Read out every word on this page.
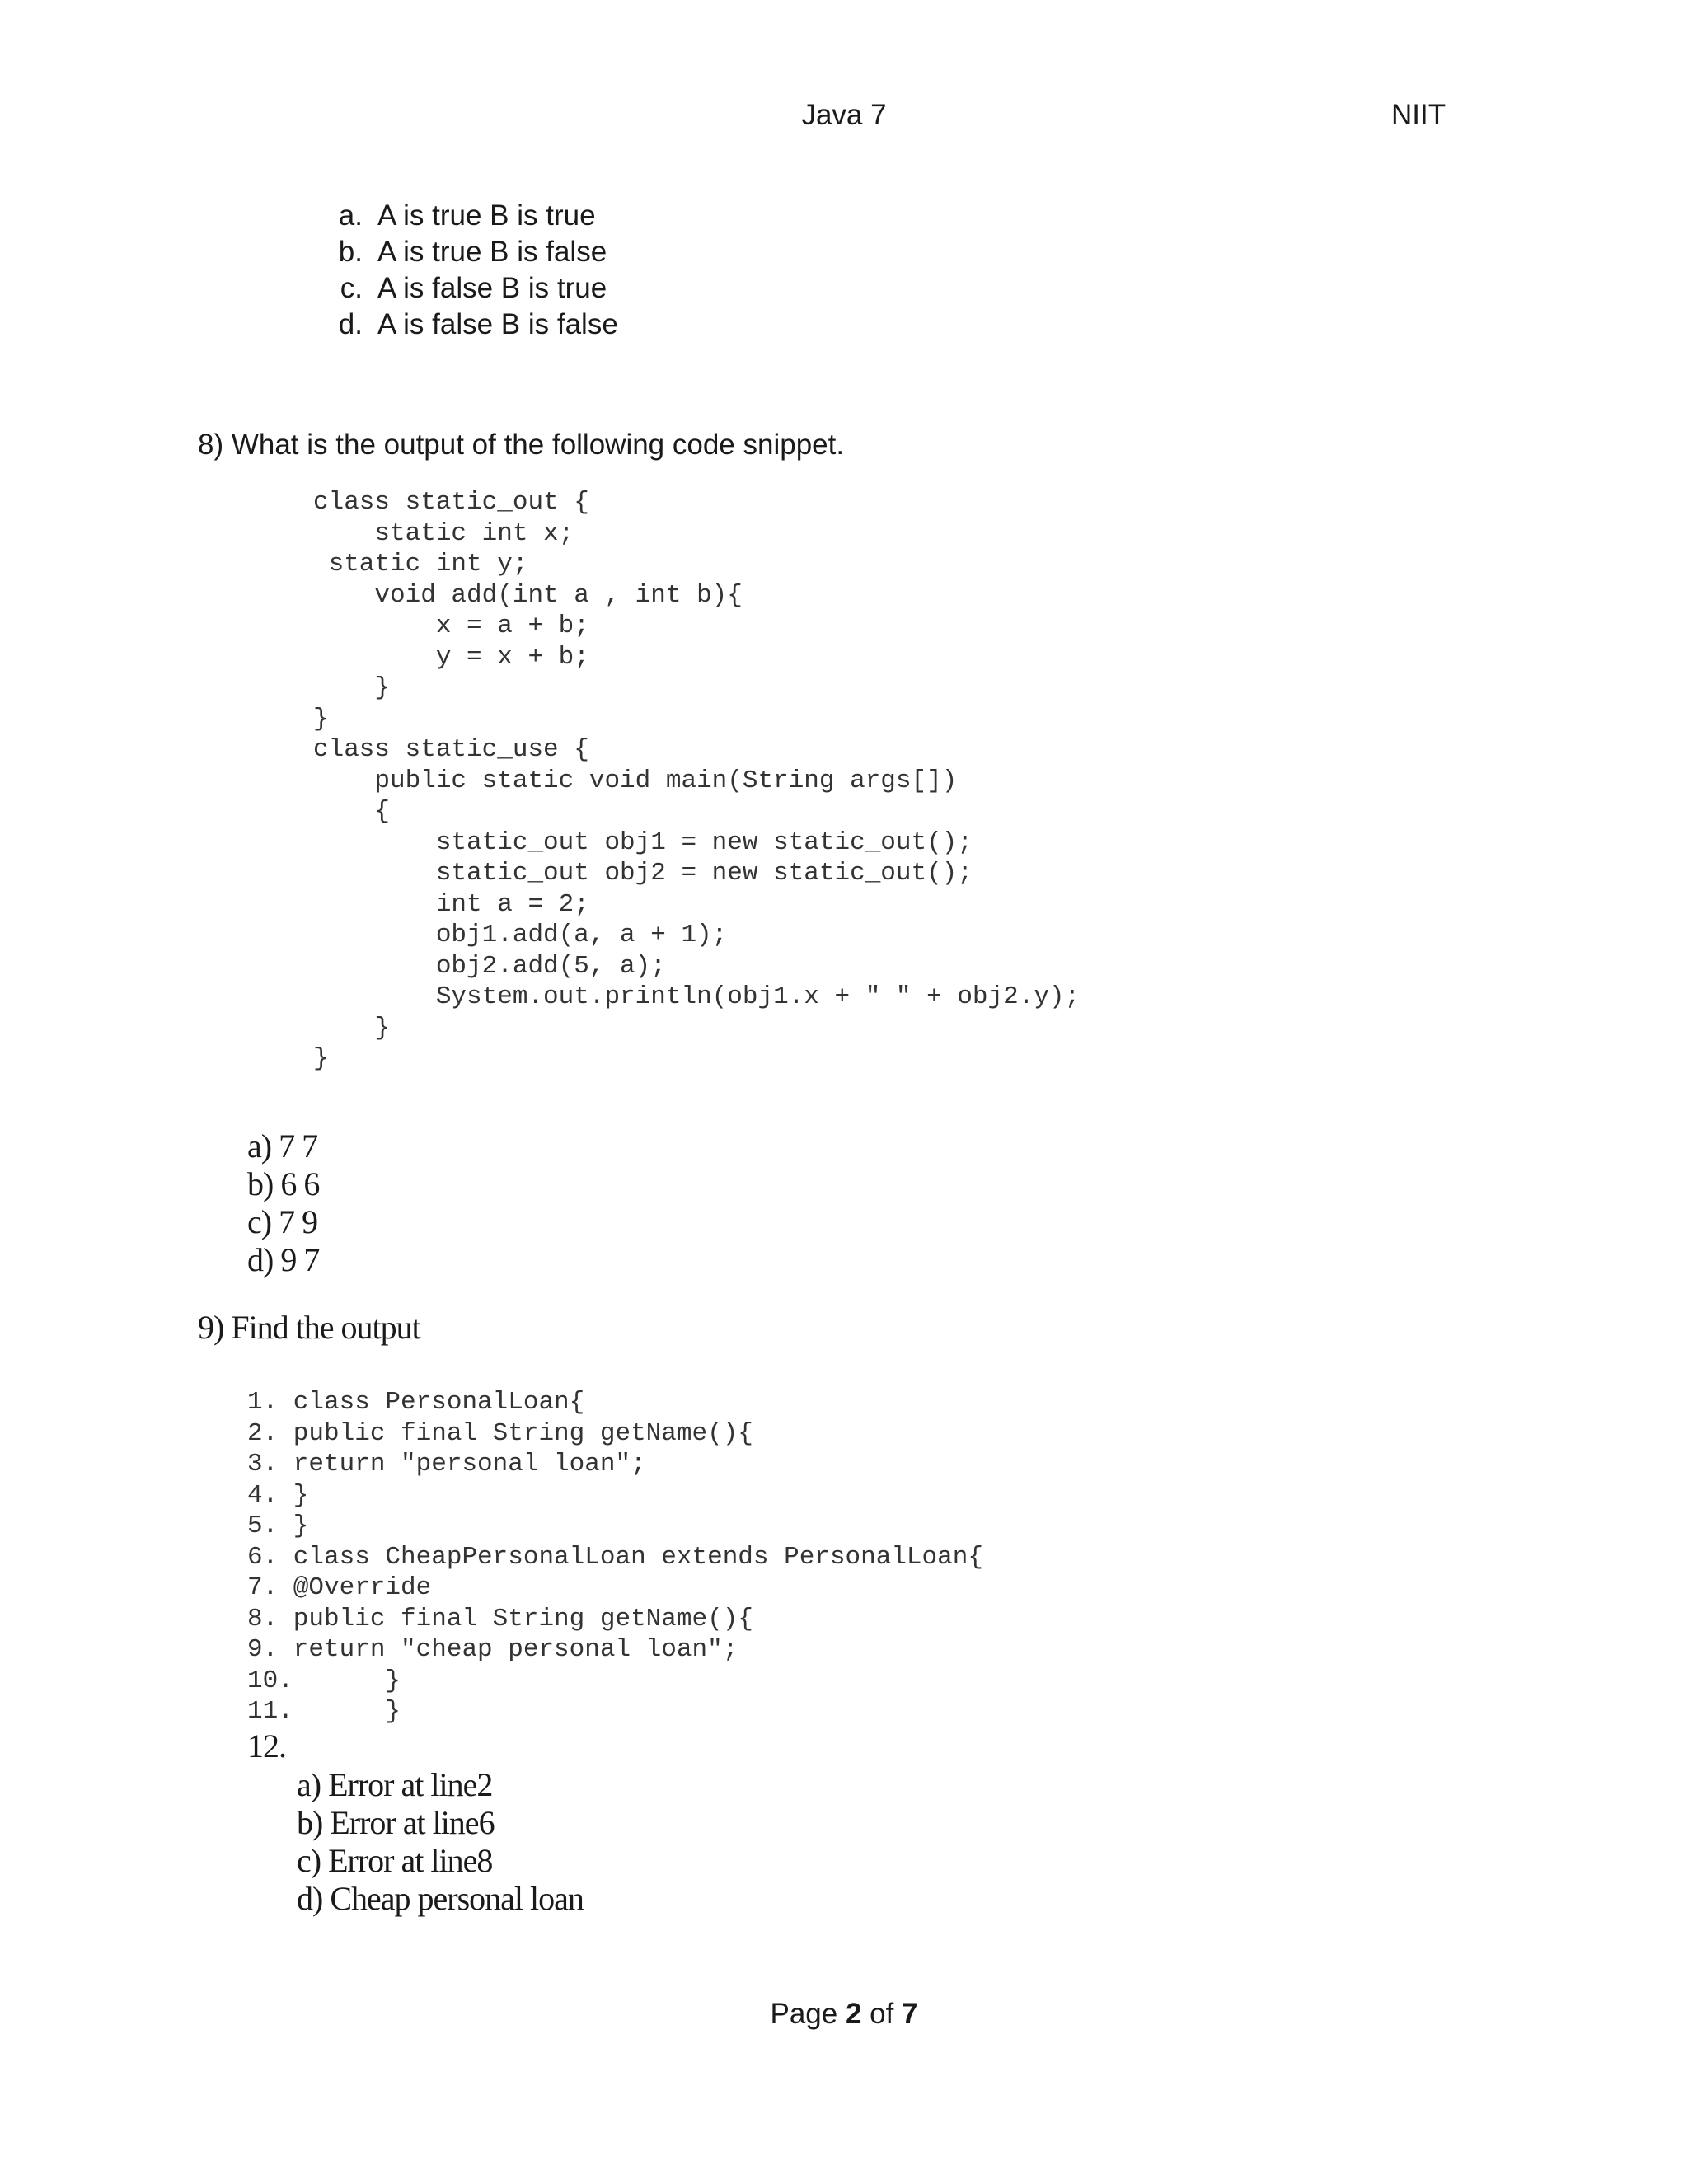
Java 7	NIIT
a. A is true B is true
b. A is true B is false
c. A is false B is true
d. A is false B is false
8) What is the output of the following code snippet.
class static_out {
static int x;
static int y;
void add(int a , int b){
x = a + b;
y = x + b;
}
}
class static_use {
public static void main(String args[])
{
static_out obj1 = new static_out();
static_out obj2 = new static_out();
int a = 2;
obj1.add(a, a + 1);
obj2.add(5, a);
System.out.println(obj1.x + " " + obj2.y);
}
}
a) 7 7
b) 6 6
c) 7 9
d) 9 7
9) Find the output
1. class PersonalLoan{
2. public final String getName(){
3. return "personal loan";
4. }
5. }
6. class CheapPersonalLoan extends PersonalLoan{
7. @Override
8. public final String getName(){
9. return "cheap personal loan";
10.      }
11.      }
12.
a) Error at line2
b) Error at line6
c) Error at line8
d) Cheap personal loan
Page 2 of 7
